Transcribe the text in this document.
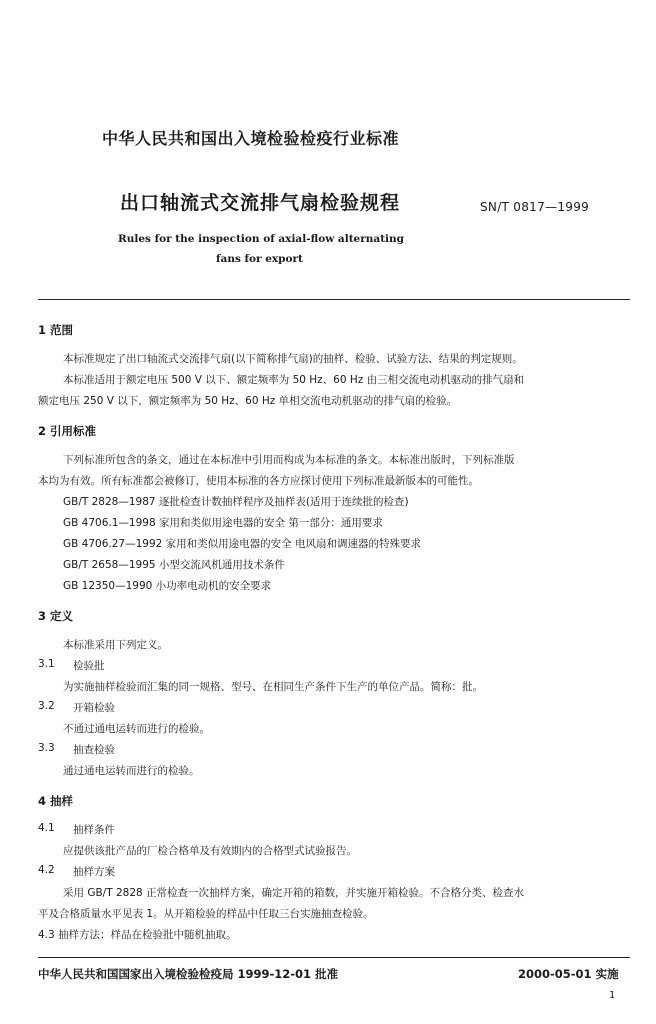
中华人民共和国出入境检验检疫行业标准
出口轴流式交流排气扇检验规程	SN/T 0817—1999
Rules for the inspection of axial-flow alternating
fans for export
1 范围
本标准规定了出口轴流式交流排气扇(以下简称排气扇)的抽样、检验、试验方法、结果的判定规则。
本标准适用于额定电压 500 V 以下、额定频率为 50 Hz、60 Hz 由三相交流电动机驱动的排气扇和
额定电压 250 V 以下，额定频率为 50 Hz、60 Hz 单相交流电动机驱动的排气扇的检验。
2 引用标准
下列标准所包含的条文，通过在本标准中引用而构成为本标准的条文。本标准出版时，下列标准版
本均为有效。所有标准都会被修订，使用本标准的各方应探讨使用下列标准最新版本的可能性。
GB/T 2828—1987 逐批检查计数抽样程序及抽样表(适用于连续批的检查)
GB 4706.1—1998 家用和类似用途电器的安全 第一部分：通用要求
GB 4706.27—1992 家用和类似用途电器的安全 电风扇和调速器的特殊要求
GB/T 2658—1995 小型交流风机通用技术条件
GB 12350—1990 小功率电动机的安全要求
3 定义
本标准采用下列定义。
3.1 检验批
为实施抽样检验而汇集的同一规格、型号、在相同生产条件下生产的单位产品。简称：批。
3.2 开箱检验
不通过通电运转而进行的检验。
3.3 抽查检验
通过通电运转而进行的检验。
4 抽样
4.1 抽样条件
应提供该批产品的厂检合格单及有效期内的合格型式试验报告。
4.2 抽样方案
采用 GB/T 2828 正常检查一次抽样方案，确定开箱的箱数，并实施开箱检验。不合格分类、检查水
平及合格质量水平见表 1。从开箱检验的样品中任取三台实施抽查检验。
4.3 抽样方法：样品在检验批中随机抽取。
中华人民共和国国家出入境检验检疫局 1999-12-01 批准	2000-05-01 实施
1
